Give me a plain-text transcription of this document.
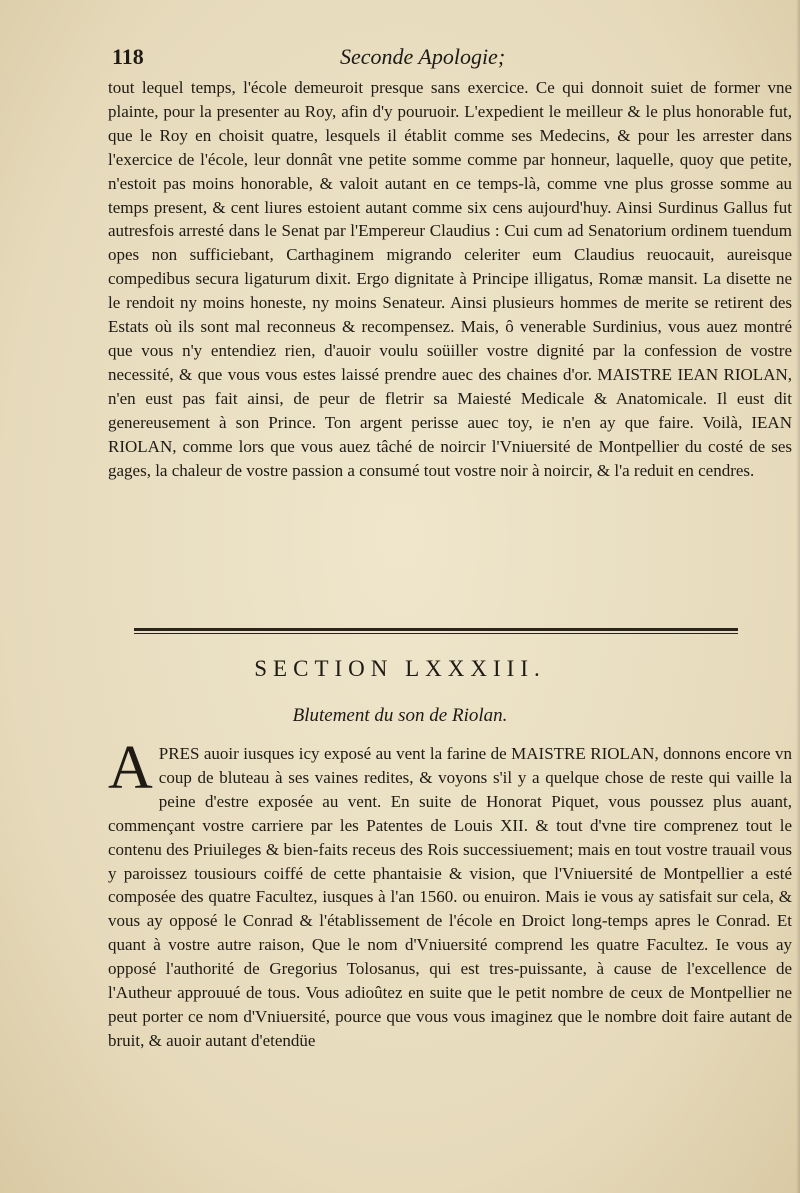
118	Seconde Apologie;

tout lequel temps, l'école demeuroit presque sans exercice. Ce qui donnoit suiet de former vne plainte, pour la presenter au Roy, afin d'y pouruoir. L'expedient le meilleur & le plus honorable fut, que le Roy en choisit quatre, lesquels il établit comme ses Medecins, & pour les arrester dans l'exercice de l'école, leur donnât vne petite somme comme par honneur, laquelle, quoy que petite, n'estoit pas moins honorable, & valoit autant en ce temps-là, comme vne plus grosse somme au temps present, & cent liures estoient autant comme six cens aujourd'huy. Ainsi Surdinus Gallus fut autresfois arresté dans le Senat par l'Empereur Claudius : Cui cum ad Senatorium ordinem tuendum opes non sufficiebant, Carthaginem migrando celeriter eum Claudius reuocauit, aureisque compedibus secura ligaturum dixit. Ergo dignitate à Principe illigatus, Romæ mansit. La disette ne le rendoit ny moins honeste, ny moins Senateur. Ainsi plusieurs hommes de merite se retirent des Estats où ils sont mal reconneus & recompensez. Mais, ô venerable Surdinius, vous auez montré que vous n'y entendiez rien, d'auoir voulu soüiller vostre dignité par la confession de vostre necessité, & que vous vous estes laissé prendre auec des chaines d'or. MAISTRE IEAN RIOLAN, n'en eust pas fait ainsi, de peur de fletrir sa Maiesté Medicale & Anatomicale. Il eust dit genereusement à son Prince. Ton argent perisse auec toy, ie n'en ay que faire. Voilà, IEAN RIOLAN, comme lors que vous auez tâché de noircir l'Vniuersité de Montpellier du costé de ses gages, la chaleur de vostre passion a consumé tout vostre noir à noircir, & l'a reduit en cendres.

SECTION LXXXIII.
Blutement du son de Riolan.
A PRES auoir iusques icy exposé au vent la farine de MAISTRE RIOLAN, donnons encore vn coup de bluteau à ses vaines redites, & voyons s'il y a quelque chose de reste qui vaille la peine d'estre exposée au vent. En suite de Honorat Piquet, vous poussez plus auant, commençant vostre carriere par les Patentes de Louis XII. & tout d'vne tire comprenez tout le contenu des Priuileges & bien-faits receus des Rois successiuement; mais en tout vostre trauail vous y paroissez tousiours coiffé de cette phantaisie & vision, que l'Vniuersité de Montpellier a esté composée des quatre Facultez, iusques à l'an 1560. ou enuiron. Mais ie vous ay satisfait sur cela, & vous ay opposé le Conrad & l'établissement de l'école en Droict long-temps apres le Conrad. Et quant à vostre autre raison, Que le nom d'Vniuersité comprend les quatre Facultez. Ie vous ay opposé l'authorité de Gregorius Tolosanus, qui est tres-puissante, à cause de l'excellence de l'Autheur approuué de tous. Vous adioûtez en suite que le petit nombre de ceux de Montpellier ne peut porter ce nom d'Vniuersité, pource que vous vous imaginez que le nombre doit faire autant de bruit, & auoir autant d'etendüe
